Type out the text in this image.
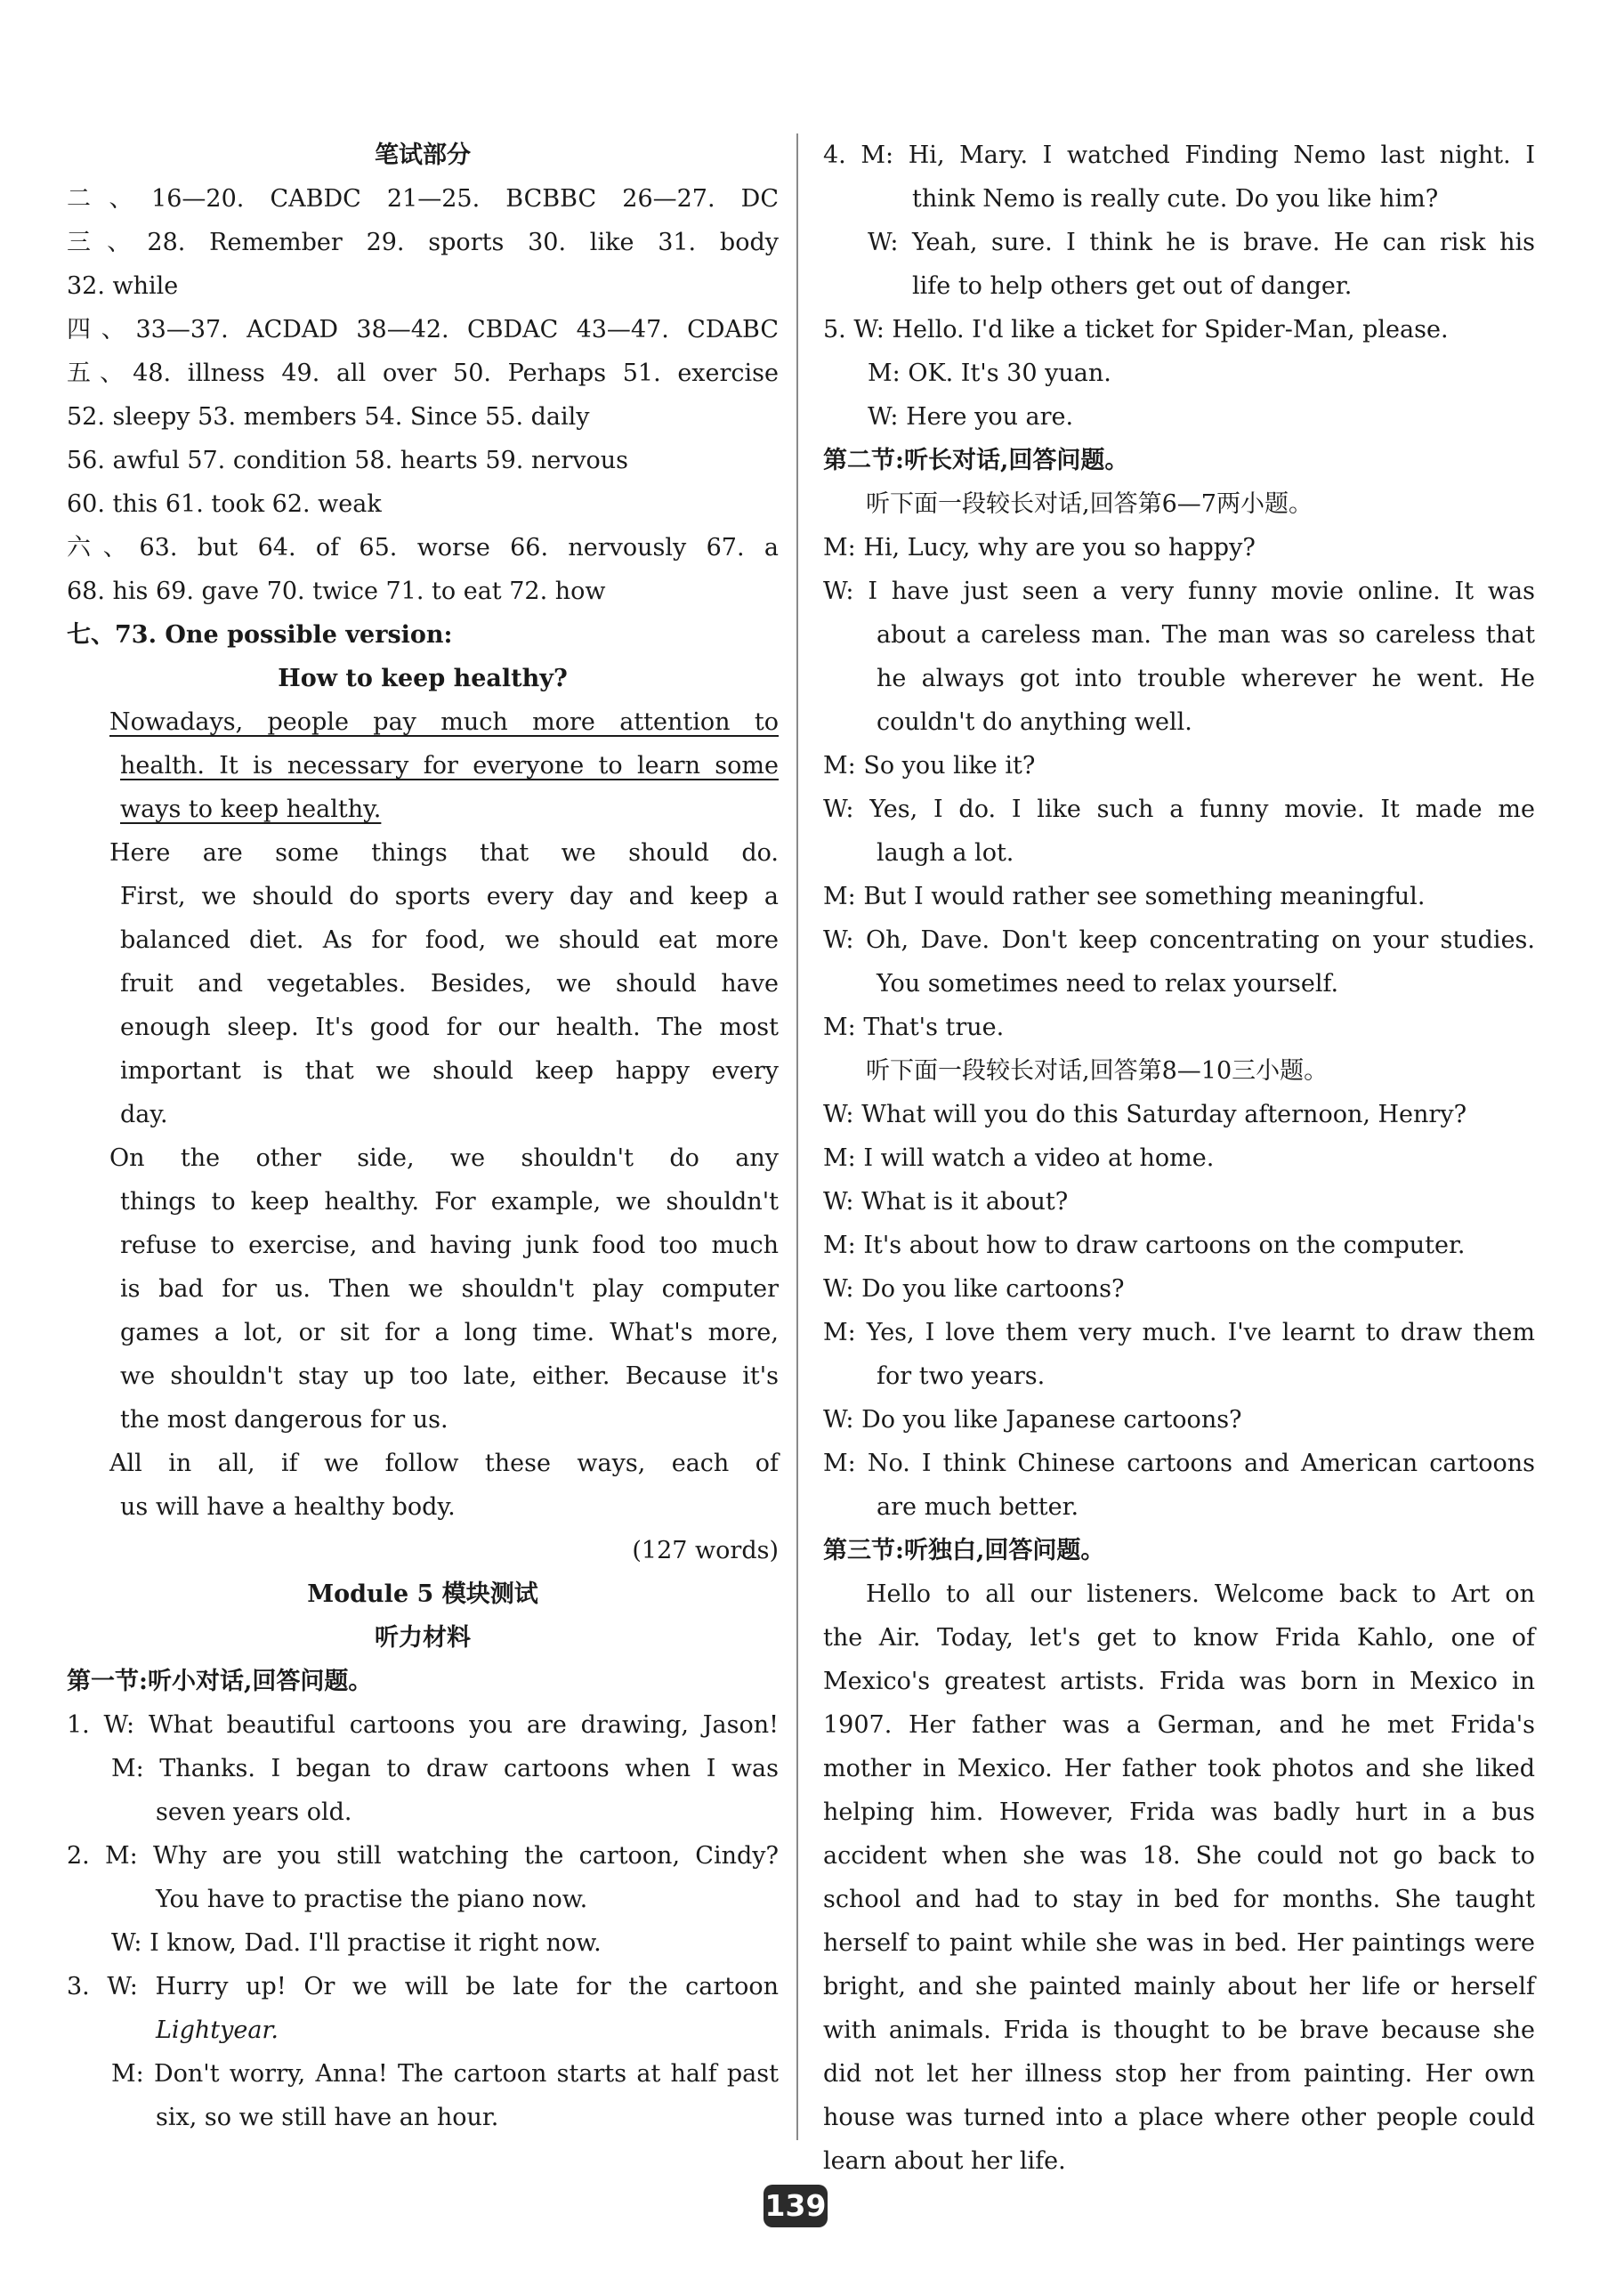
笔试部分
二、16—20. CABDC 21—25. BCBBC 26—27. DC
三、28. Remember 29. sports 30. like 31. body
32. while
四、33—37. ACDAD 38—42. CBDAC 43—47. CDABC
五、48. illness 49. all over 50. Perhaps 51. exercise
52. sleepy 53. members 54. Since 55. daily
56. awful 57. condition 58. hearts 59. nervous
60. this 61. took 62. weak
六、63. but 64. of 65. worse 66. nervously 67. a
68. his 69. gave 70. twice 71. to eat 72. how
七、73. One possible version:
How to keep healthy?
Nowadays, people pay much more attention to
health. It is necessary for everyone to learn some
ways to keep healthy.
Here are some things that we should do.
First, we should do sports every day and keep a
balanced diet. As for food, we should eat more
fruit and vegetables. Besides, we should have
enough sleep. It's good for our health. The most
important is that we should keep happy every
day.
On the other side, we shouldn't do any
things to keep healthy. For example, we shouldn't
refuse to exercise, and having junk food too much
is bad for us. Then we shouldn't play computer
games a lot, or sit for a long time. What's more,
we shouldn't stay up too late, either. Because it's
the most dangerous for us.
All in all, if we follow these ways, each of
us will have a healthy body.
(127 words)
Module 5 模块测试
听力材料
第一节:听小对话,回答问题。
1. W: What beautiful cartoons you are drawing, Jason!
M: Thanks. I began to draw cartoons when I was
seven years old.
2. M: Why are you still watching the cartoon, Cindy?
You have to practise the piano now.
W: I know, Dad. I'll practise it right now.
3. W: Hurry up! Or we will be late for the cartoon
Lightyear.
M: Don't worry, Anna! The cartoon starts at half past
six, so we still have an hour.
4. M: Hi, Mary. I watched Finding Nemo last night. I
think Nemo is really cute. Do you like him?
W: Yeah, sure. I think he is brave. He can risk his
life to help others get out of danger.
5. W: Hello. I'd like a ticket for Spider-Man, please.
M: OK. It's 30 yuan.
W: Here you are.
第二节:听长对话,回答问题。
听下面一段较长对话,回答第6—7两小题。
M: Hi, Lucy, why are you so happy?
W: I have just seen a very funny movie online. It was
about a careless man. The man was so careless that
he always got into trouble wherever he went. He
couldn't do anything well.
M: So you like it?
W: Yes, I do. I like such a funny movie. It made me
laugh a lot.
M: But I would rather see something meaningful.
W: Oh, Dave. Don't keep concentrating on your studies.
You sometimes need to relax yourself.
M: That's true.
听下面一段较长对话,回答第8—10三小题。
W: What will you do this Saturday afternoon, Henry?
M: I will watch a video at home.
W: What is it about?
M: It's about how to draw cartoons on the computer.
W: Do you like cartoons?
M: Yes, I love them very much. I've learnt to draw them
for two years.
W: Do you like Japanese cartoons?
M: No. I think Chinese cartoons and American cartoons
are much better.
第三节:听独白,回答问题。
Hello to all our listeners. Welcome back to Art on
the Air. Today, let's get to know Frida Kahlo, one of
Mexico's greatest artists. Frida was born in Mexico in
1907. Her father was a German, and he met Frida's
mother in Mexico. Her father took photos and she liked
helping him. However, Frida was badly hurt in a bus
accident when she was 18. She could not go back to
school and had to stay in bed for months. She taught
herself to paint while she was in bed. Her paintings were
bright, and she painted mainly about her life or herself
with animals. Frida is thought to be brave because she
did not let her illness stop her from painting. Her own
house was turned into a place where other people could
learn about her life.
139
